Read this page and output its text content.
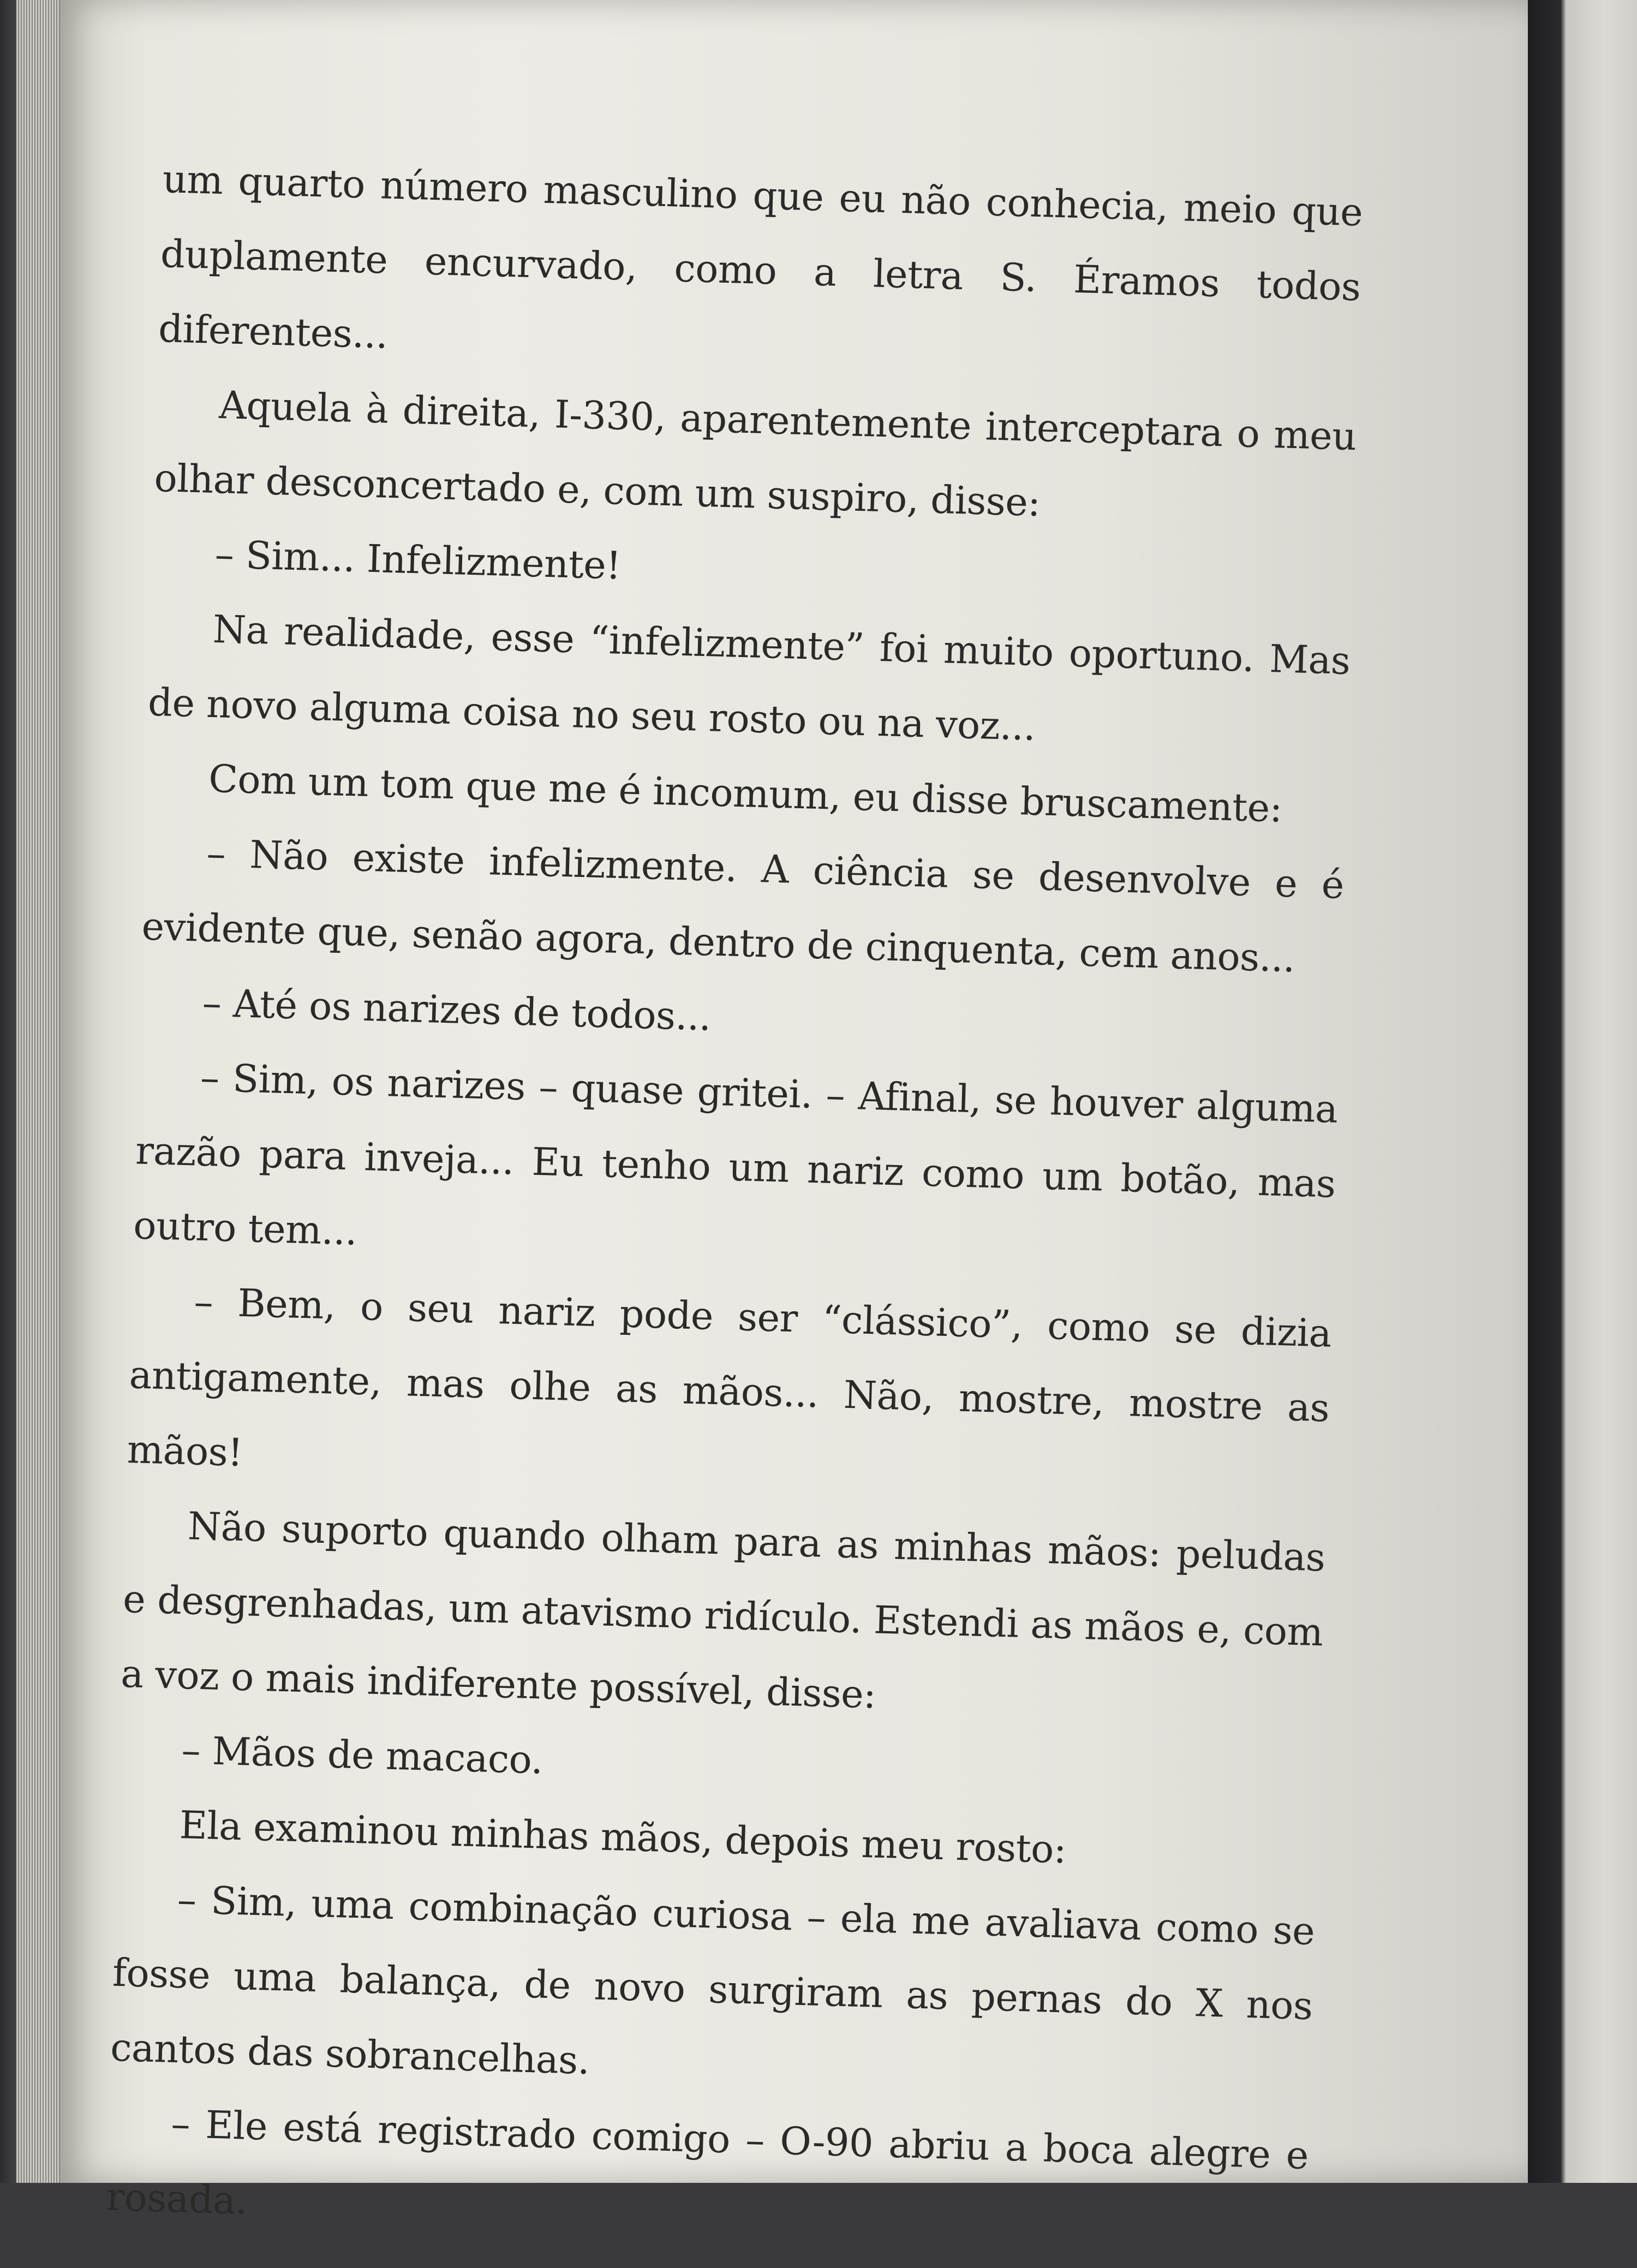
um quarto número masculino que eu não conhecia, meio que duplamente encurvado, como a letra S. Éramos todos diferentes...

Aquela à direita, I-330, aparentemente interceptara o meu olhar desconcertado e, com um suspiro, disse:

– Sim... Infelizmente!

Na realidade, esse “infelizmente” foi muito oportuno. Mas de novo alguma coisa no seu rosto ou na voz...

Com um tom que me é incomum, eu disse bruscamente:

– Não existe infelizmente. A ciência se desenvolve e é evidente que, senão agora, dentro de cinquenta, cem anos...

– Até os narizes de todos...

– Sim, os narizes – quase gritei. – Afinal, se houver alguma razão para inveja... Eu tenho um nariz como um botão, mas outro tem...

– Bem, o seu nariz pode ser “clássico”, como se dizia antigamente, mas olhe as mãos... Não, mostre, mostre as mãos!

Não suporto quando olham para as minhas mãos: peludas e desgrenhadas, um atavismo ridículo. Estendi as mãos e, com a voz o mais indiferente possível, disse:

– Mãos de macaco.

Ela examinou minhas mãos, depois meu rosto:

– Sim, uma combinação curiosa – ela me avaliava como se fosse uma balança, de novo surgiram as pernas do X nos cantos das sobrancelhas.

– Ele está registrado comigo – O-90 abriu a boca alegre e rosada.
